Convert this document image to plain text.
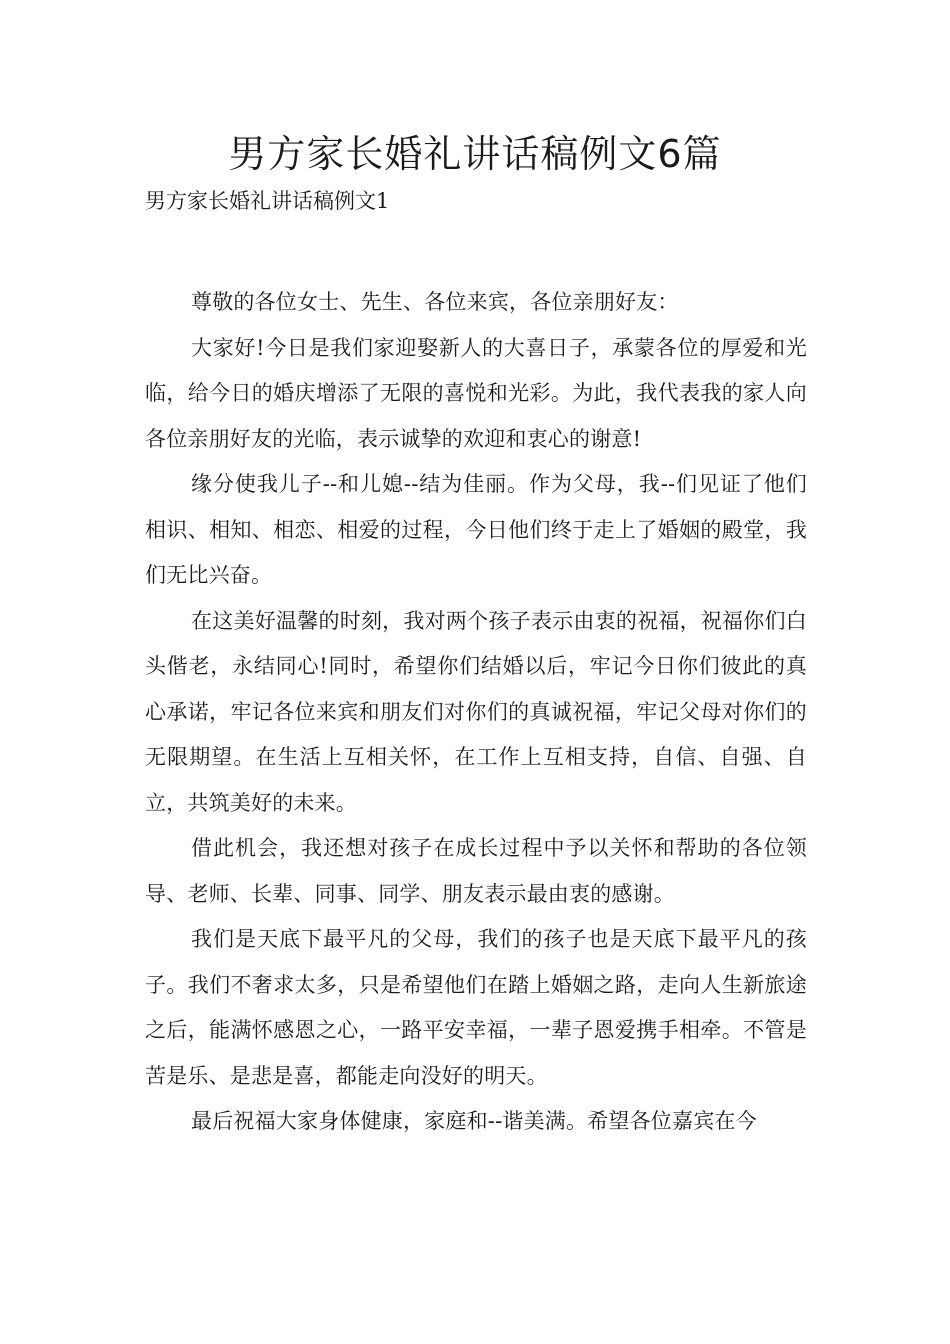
男方家长婚礼讲话稿例文6篇

男方家长婚礼讲话稿例文1

尊敬的各位女士、先生、各位来宾，各位亲朋好友：

大家好!今日是我们家迎娶新人的大喜日子，承蒙各位的厚爱和光临，给今日的婚庆增添了无限的喜悦和光彩。为此，我代表我的家人向各位亲朋好友的光临，表示诚挚的欢迎和衷心的谢意!

缘分使我儿子--和儿媳--结为佳丽。作为父母，我--们见证了他们相识、相知、相恋、相爱的过程，今日他们终于走上了婚姻的殿堂，我们无比兴奋。

在这美好温馨的时刻，我对两个孩子表示由衷的祝福，祝福你们白头偕老，永结同心!同时，希望你们结婚以后，牢记今日你们彼此的真心承诺，牢记各位来宾和朋友们对你们的真诚祝福，牢记父母对你们的无限期望。在生活上互相关怀，在工作上互相支持，自信、自强、自立，共筑美好的未来。

借此机会，我还想对孩子在成长过程中予以关怀和帮助的各位领导、老师、长辈、同事、同学、朋友表示最由衷的感谢。

我们是天底下最平凡的父母，我们的孩子也是天底下最平凡的孩子。我们不奢求太多，只是希望他们在踏上婚姻之路，走向人生新旅途之后，能满怀感恩之心，一路平安幸福，一辈子恩爱携手相牵。不管是苦是乐、是悲是喜，都能走向没好的明天。

最后祝福大家身体健康，家庭和--谐美满。希望各位嘉宾在今
